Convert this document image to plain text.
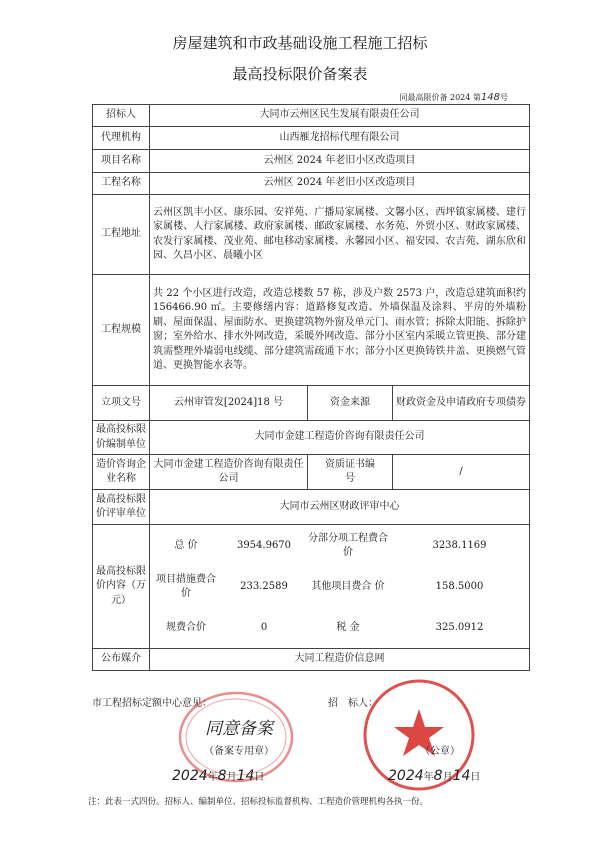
房屋建筑和市政基础设施工程施工招标
最高投标限价备案表
同最高限价备 2024 第148号
招标人	大同市云州区民生发展有限责任公司
代理机构	山西雁龙招标代理有限公司
项目名称	云州区 2024 年老旧小区改造项目
工程名称	云州区 2024 年老旧小区改造项目
工程地址	云州区凯丰小区、康乐园、安祥苑、广播局家属楼、文馨小区、西坪镇家属楼、建行家属楼、人行家属楼、政府家属楼、邮政家属楼、水务苑、外贸小区、财政家属楼、农发行家属楼、茂业苑、邮电移动家属楼、永馨园小区、福安园、农吉苑、湖东欣和园、久昌小区、晨曦小区
工程规模	共 22 个小区进行改造，改造总楼数 57 栋，涉及户数 2573 户，改造总建筑面积约 156466.90 ㎡。主要修缮内容：道路修复改造、外墙保温及涂料、平房的外墙粉刷、屋面保温、屋面防水、更换建筑物外窗及单元门、雨水管；拆除太阳能、拆除护窗；室外给水、排水外网改造，采暖外网改造、部分小区室内采暖立管更换、部分建筑需整理外墙弱电线缆、部分建筑需疏通下水；部分小区更换铸铁井盖、更换燃气管道、更换智能水表等。
立项文号	云州审管发[2024]18 号	资金来源	财政资金及申请政府专项债券
最高投标限价编制单位	大同市金建工程造价咨询有限责任公司
造价咨询企业名称	大同市金建工程造价咨询有限责任公司	资质证书编　　号	/
最高投标限价评审单位	大同市云州区财政评审中心
最高投标限价内容（万元）	
总 价	3954.9670	分部分项工程费合价	3238.1169
项目措施费合 价	233.2589	其他项目费合 价	158.5000
规费合价	0	税 金	325.0912

公布媒介	大同工程造价信息网
市工程招标定额中心意见：	招　标人：
同意备案
（备案专用章）	（公章）
2024年8月14日	2024年8月14日
注：此表一式四份。招标人、编制单位、招标投标监督机构、工程造价管理机构各执一份。
